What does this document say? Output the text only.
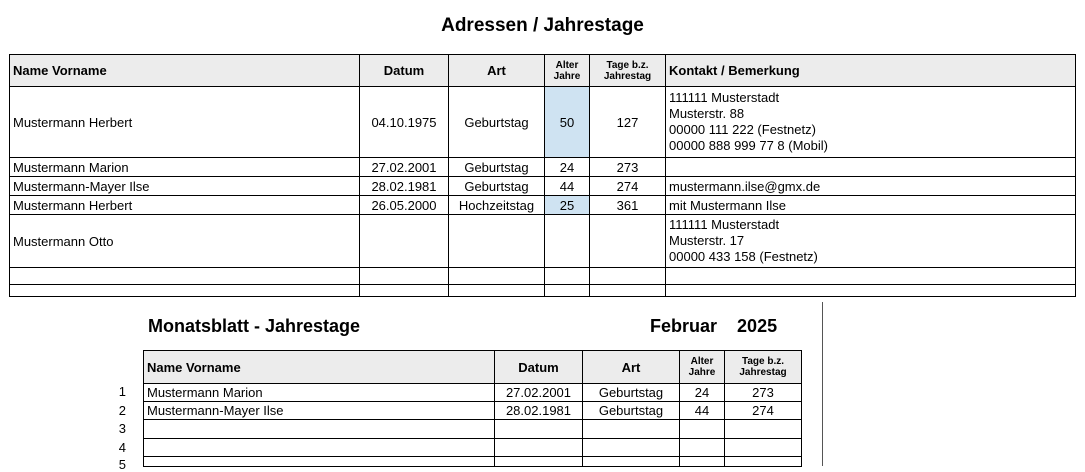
Adressen / Jahrestage
Name Vorname	Datum	Art	Alter Jahre	Tage b.z. Jahrestag	Kontakt / Bemerkung
Mustermann Herbert	04.10.1975	Geburtstag	50	127	111111 Musterstadt
Musterstr. 88
00000 111 222 (Festnetz)
00000 888 999 77 8 (Mobil)

Mustermann Marion	27.02.2001	Geburtstag	24	273	
Mustermann-Mayer Ilse	28.02.1981	Geburtstag	44	274	mustermann.ilse@gmx.de
Mustermann Herbert	26.05.2000	Hochzeitstag	25	361	mit Mustermann Ilse
Mustermann Otto					111111 Musterstadt
Musterstr. 17
00000 433 158 (Festnetz)

Monatsblatt - Jahrestage	Februar 2025
Name Vorname	Datum	Art	Alter Jahre	Tage b.z. Jahrestag
Mustermann Marion	27.02.2001	Geburtstag	24	273
Mustermann-Mayer Ilse	28.02.1981	Geburtstag	44	274

1
2
3
4
5
